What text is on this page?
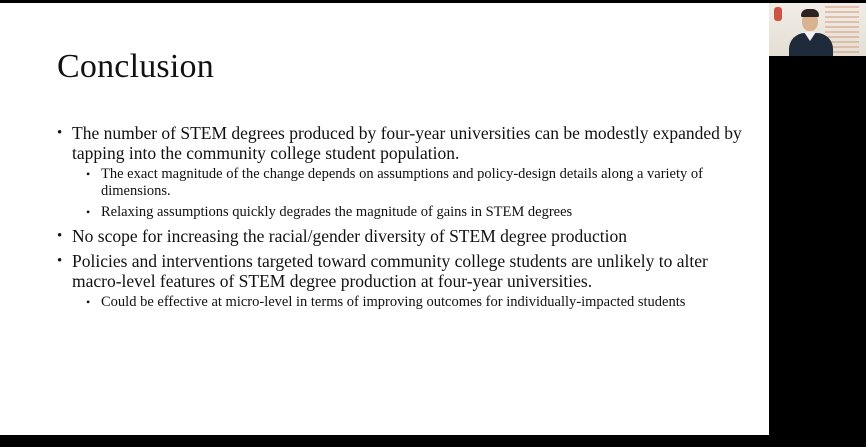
Conclusion
• The number of STEM degrees produced by four-year universities can be modestly expanded by tapping into the community college student population.
• The exact magnitude of the change depends on assumptions and policy-design details along a variety of dimensions.
• Relaxing assumptions quickly degrades the magnitude of gains in STEM degrees
• No scope for increasing the racial/gender diversity of STEM degree production
• Policies and interventions targeted toward community college students are unlikely to alter macro-level features of STEM degree production at four-year universities.
• Could be effective at micro-level in terms of improving outcomes for individually-impacted students
